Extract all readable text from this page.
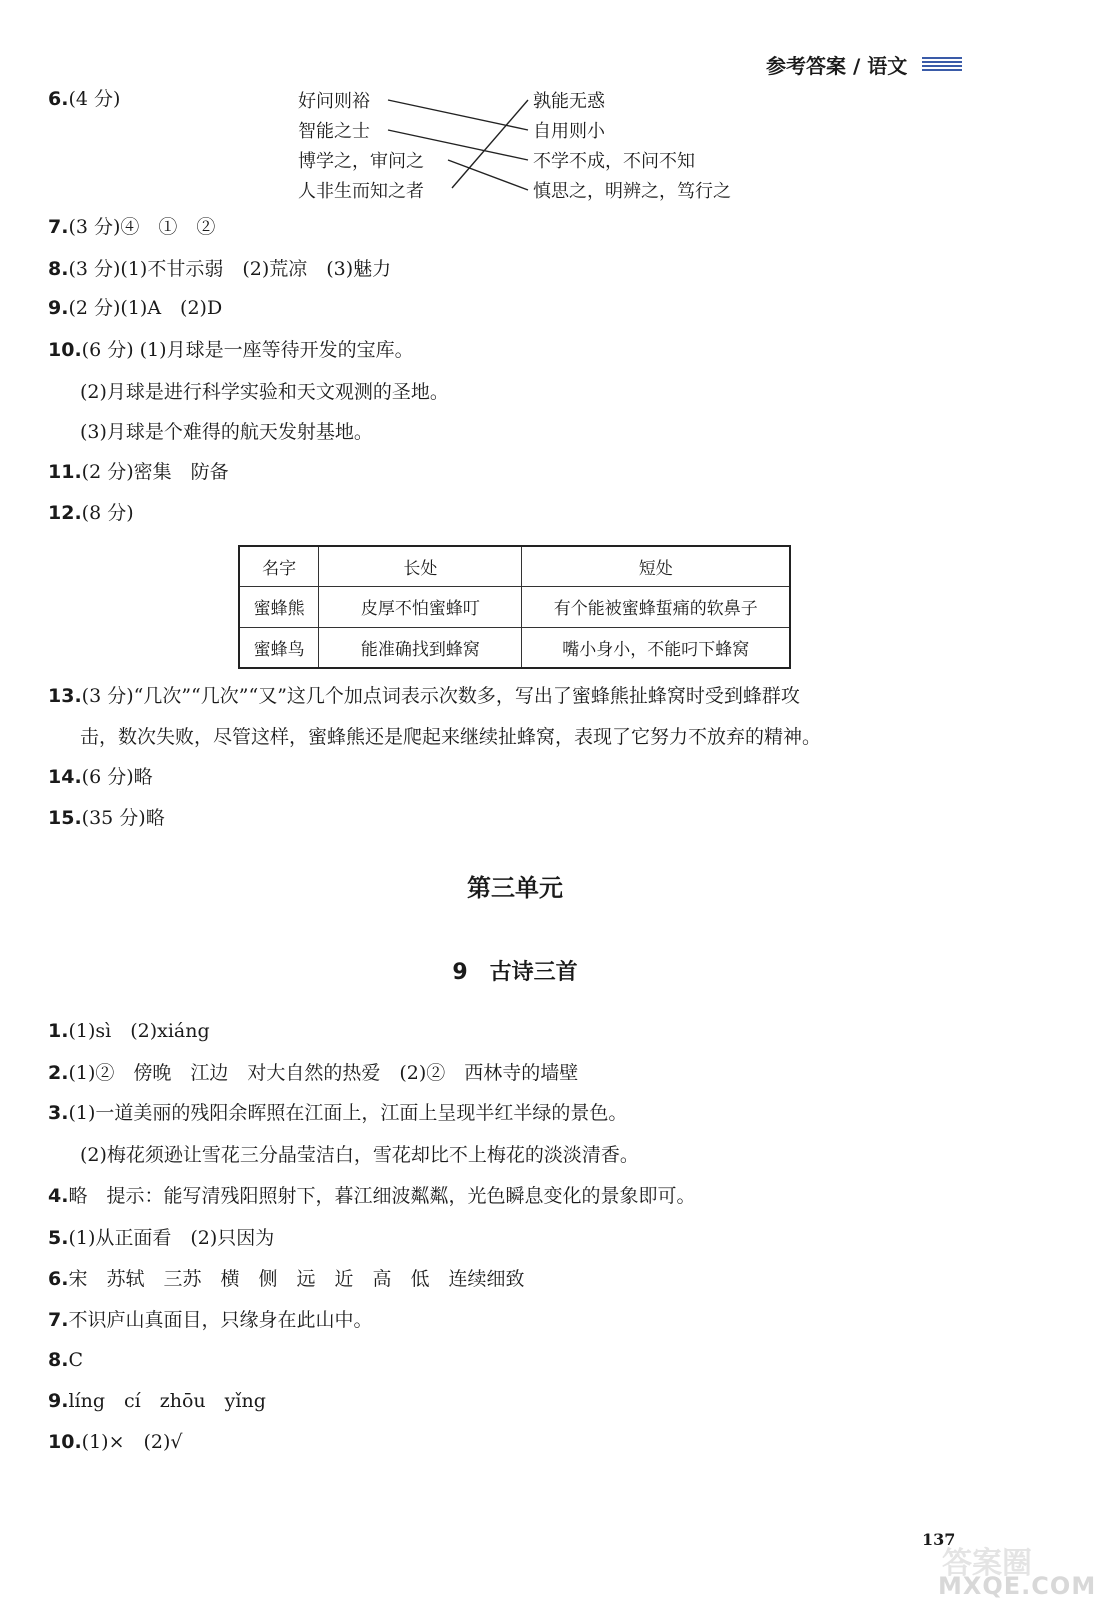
参考答案 / 语文
6.(4 分)	好问则裕
智能之士
博学之，审问之
人非生而知之者
孰能无惑
自用则小
不学不成，不问不知
慎思之，明辨之，笃行之
7.(3 分)④　①　②
8.(3 分)(1)不甘示弱　(2)荒凉　(3)魅力
9.(2 分)(1)A　(2)D
10.(6 分) (1)月球是一座等待开发的宝库。
(2)月球是进行科学实验和天文观测的圣地。
(3)月球是个难得的航天发射基地。
11.(2 分)密集　防备
12.(8 分)
名字	长处	短处
蜜蜂熊	皮厚不怕蜜蜂叮	有个能被蜜蜂蜇痛的软鼻子
蜜蜂鸟	能准确找到蜂窝	嘴小身小，不能叼下蜂窝
13.(3 分)“几次”“几次”“又”这几个加点词表示次数多，写出了蜜蜂熊扯蜂窝时受到蜂群攻
击，数次失败，尽管这样，蜜蜂熊还是爬起来继续扯蜂窝，表现了它努力不放弃的精神。
14.(6 分)略
15.(35 分)略
第三单元
9　古诗三首
1.(1)sì　(2)xiáng
2.(1)②　傍晚　江边　对大自然的热爱　(2)②　西林寺的墙壁
3.(1)一道美丽的残阳余晖照在江面上，江面上呈现半红半绿的景色。
(2)梅花须逊让雪花三分晶莹洁白，雪花却比不上梅花的淡淡清香。
4.略　提示：能写清残阳照射下，暮江细波粼粼，光色瞬息变化的景象即可。
5.(1)从正面看　(2)只因为
6.宋　苏轼　三苏　横　侧　远　近　高　低　连续细致
7.不识庐山真面目，只缘身在此山中。
8.C
9.líng　cí　zhōu　yǐng
10.(1)×　(2)√
137
答案圈
MXQE.COM
